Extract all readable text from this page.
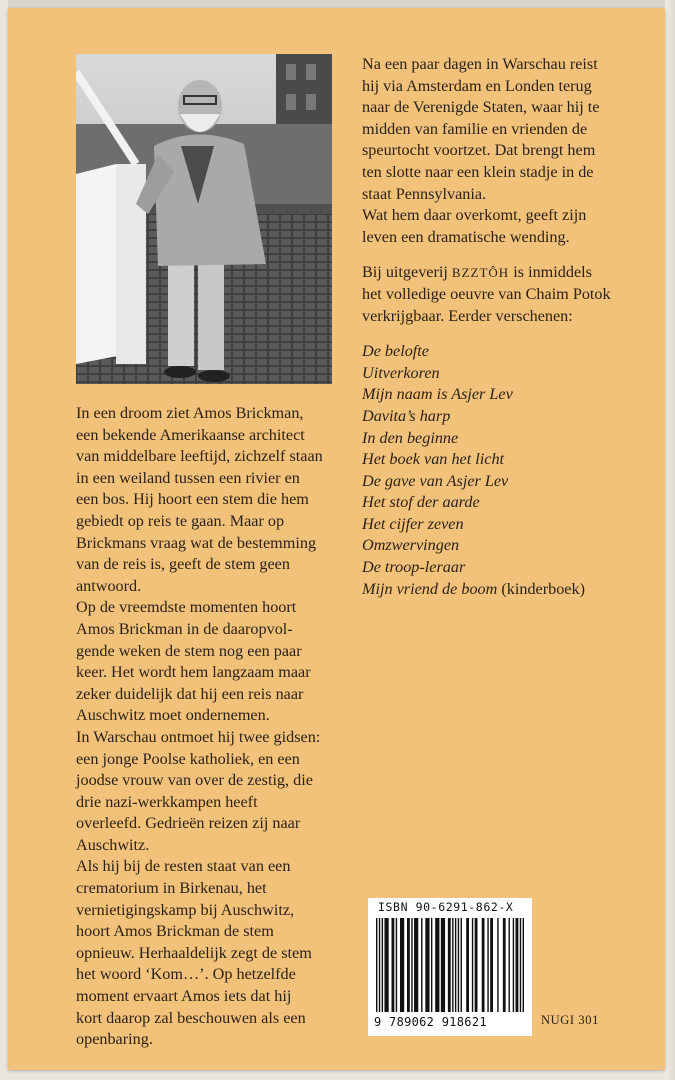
In een droom ziet Amos Brickman,

een bekende Amerikaanse architect

van middelbare leeftijd, zichzelf staan

in een weiland tussen een rivier en

een bos. Hij hoort een stem die hem

gebiedt op reis te gaan. Maar op

Brickmans vraag wat de bestemming

van de reis is, geeft de stem geen

antwoord.

Op de vreemdste momenten hoort

Amos Brickman in de daaropvol-

gende weken de stem nog een paar

keer. Het wordt hem langzaam maar

zeker duidelijk dat hij een reis naar

Auschwitz moet ondernemen.

In Warschau ontmoet hij twee gidsen:

een jonge Poolse katholiek, en een

joodse vrouw van over de zestig, die

drie nazi-werkkampen heeft

overleefd. Gedrieën reizen zij naar

Auschwitz.

Als hij bij de resten staat van een

crematorium in Birkenau, het

vernietigingskamp bij Auschwitz,

hoort Amos Brickman de stem

opnieuw. Herhaaldelijk zegt de stem

het woord ‘Kom…’. Op hetzelfde

moment ervaart Amos iets dat hij

kort daarop zal beschouwen als een

openbaring.

Na een paar dagen in Warschau reist

hij via Amsterdam en Londen terug

naar de Verenigde Staten, waar hij te

midden van familie en vrienden de

speurtocht voortzet. Dat brengt hem

ten slotte naar een klein stadje in de

staat Pennsylvania.

Wat hem daar overkomt, geeft zijn

leven een dramatische wending.

Bij uitgeverij BZZTÔH is inmiddels

het volledige oeuvre van Chaim Potok

verkrijgbaar. Eerder verschenen:

De belofte
Uitverkoren
Mijn naam is Asjer Lev
Davita’s harp
In den beginne
Het boek van het licht
De gave van Asjer Lev
Het stof der aarde
Het cijfer zeven
Omzwervingen
De troop-leraar
Mijn vriend de boom (kinderboek)
ISBN 90-6291-862-X
9 789062 918621	NUGI 301
